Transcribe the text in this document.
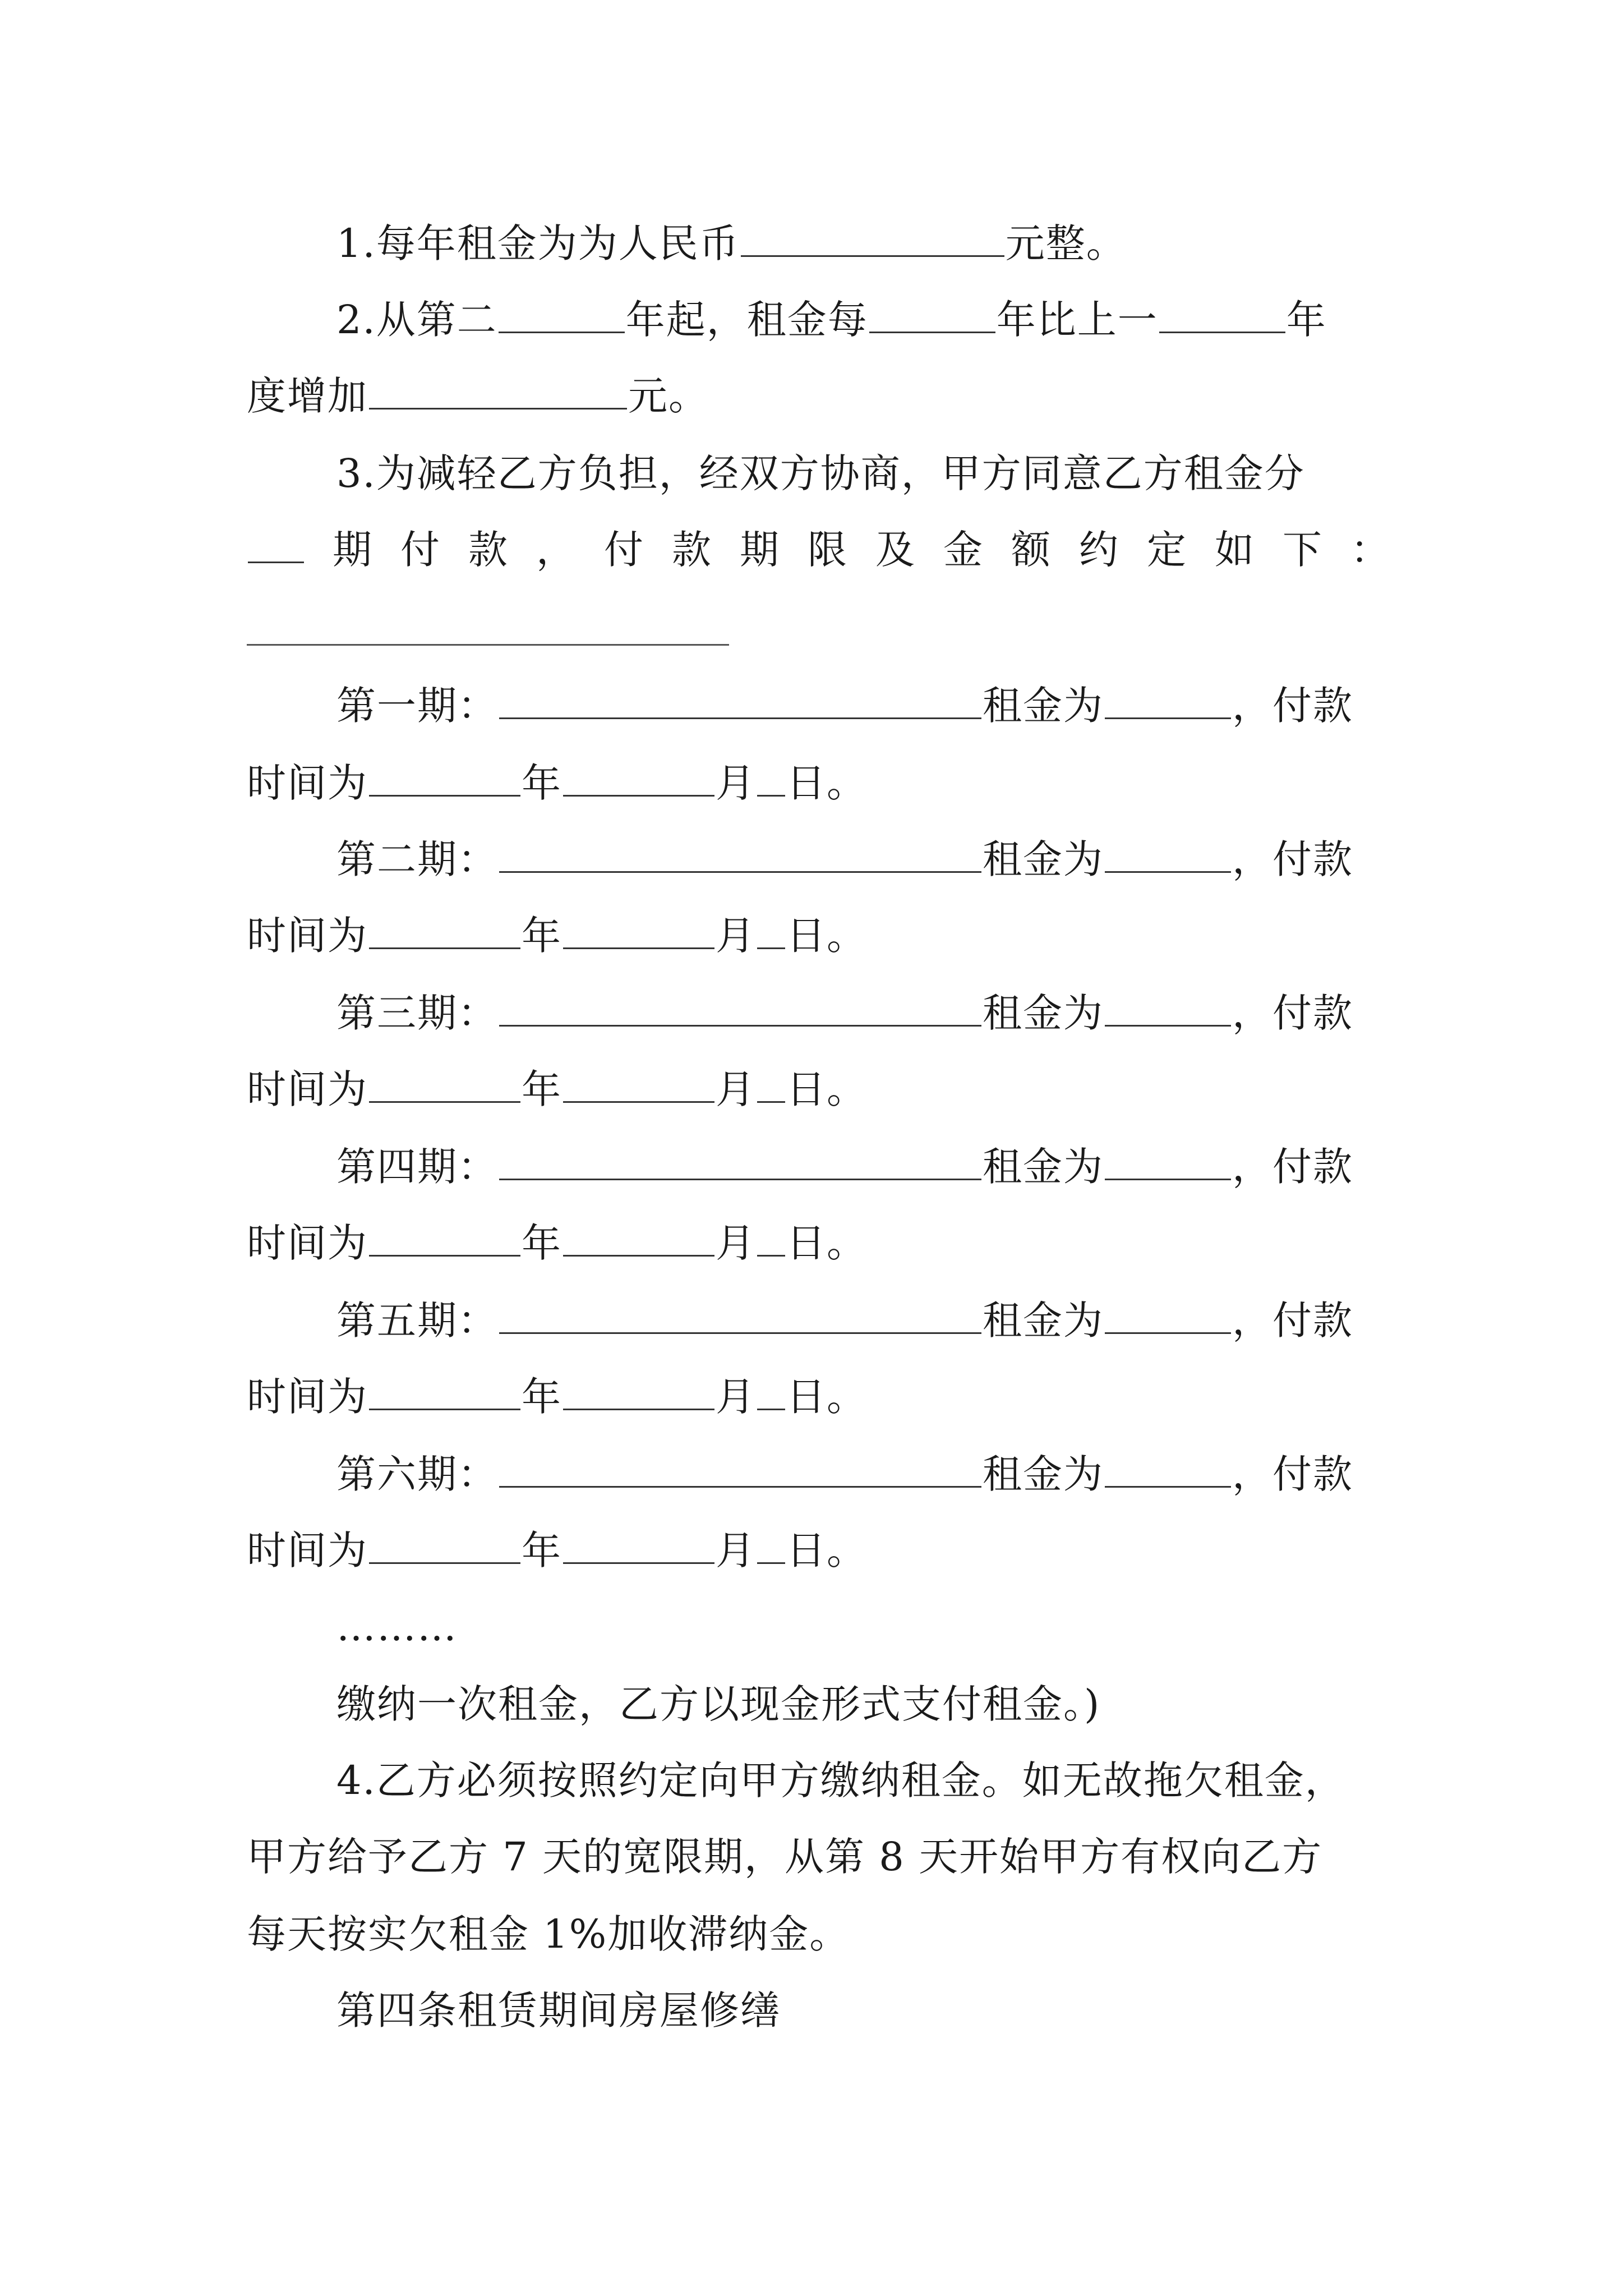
1.每年租金为为人民币	元整。
2.从第二	年起，租金每	年比上一	年
度增加	元。
3.为减轻乙方负担，经双方协商，甲方同意乙方租金分
期 付 款 ， 付 款 期 限 及 金 额 约 定 如 下 ：
第一期：	租金为	，付款
时间为	年	月 日。
第二期：	租金为	，付款
时间为	年	月 日。
第三期：	租金为	，付款
时间为	年	月 日。
第四期：	租金为	，付款
时间为	年	月 日。
第五期：	租金为	，付款
时间为	年	月 日。
第六期：	租金为	，付款
时间为	年	月 日。
………
缴纳一次租金，乙方以现金形式支付租金。)
4.乙方必须按照约定向甲方缴纳租金。如无故拖欠租金，
甲方给予乙方 7 天的宽限期，从第 8 天开始甲方有权向乙方
每天按实欠租金 1%加收滞纳金。
第四条租赁期间房屋修缮
